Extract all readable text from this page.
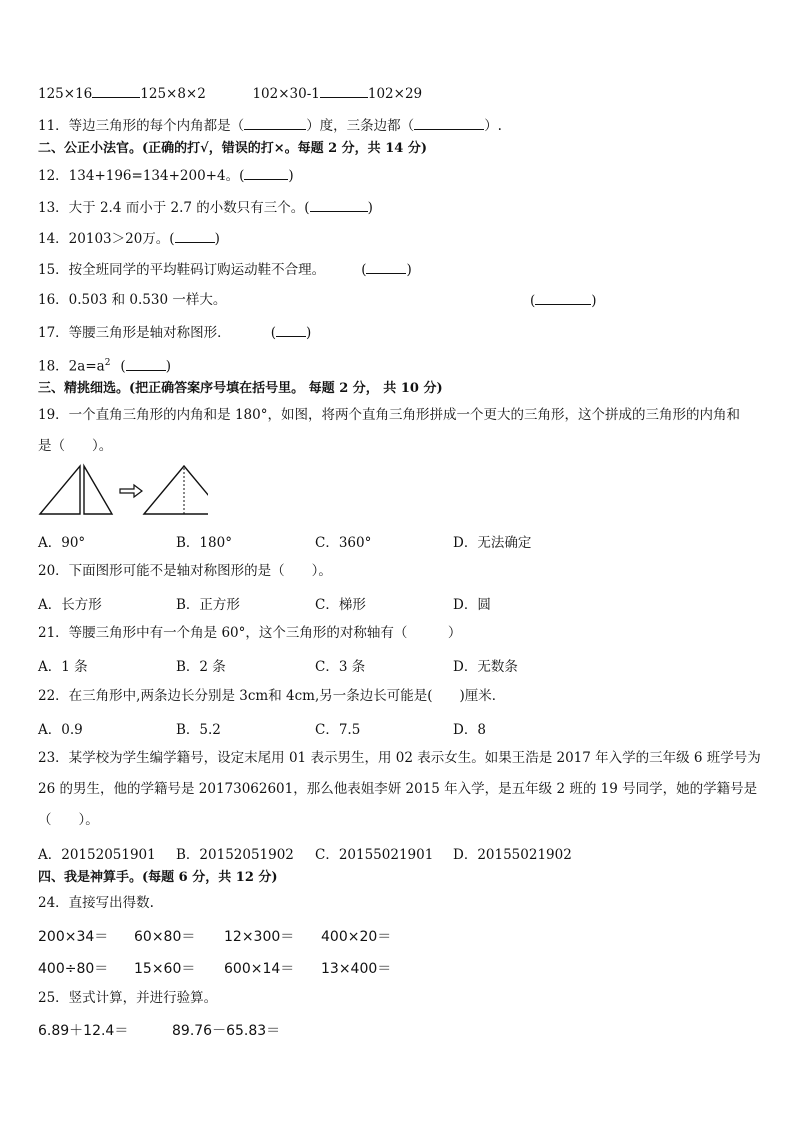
125×16	125×8×2	102×30-1	102×29
11．等边三角形的每个内角都是（	）度，三条边都（	）.
二、公正小法官。(正确的打√，错误的打×。每题 2 分，共 14 分)
12．134+196=134+200+4。(	)
13．大于 2.4 而小于 2.7 的小数只有三个。(	)
14．20103＞20万。(	)
15．按全班同学的平均鞋码订购运动鞋不合理。	(	)
16．0.503 和 0.530 一样大。	(	)
17．等腰三角形是轴对称图形．	( )
18．$2a=a^2$ (	)
三、精挑细选。(把正确答案序号填在括号里。 每题 2 分， 共 10 分)
19．一个直角三角形的内角和是 180°，如图，将两个直角三角形拼成一个更大的三角形，这个拼成的三角形的内角和
是（　　）。
A．90°	B．180°	C．360°	D．无法确定
20．下面图形可能不是轴对称图形的是（　　）。
A．长方形	B．正方形	C．梯形	D．圆
21．等腰三角形中有一个角是 60°，这个三角形的对称轴有（　　　）
A．1 条	B．2 条	C．3 条	D．无数条
22．在三角形中,两条边长分别是 3cm和 4cm,另一条边长可能是(　　)厘米．
A．0.9	B．5.2	C．7.5	D．8
23．某学校为学生编学籍号，设定末尾用 01 表示男生，用 02 表示女生。如果王浩是 2017 年入学的三年级 6 班学号为
26 的男生，他的学籍号是 20173062601，那么他表姐李妍 2015 年入学，是五年级 2 班的 19 号同学，她的学籍号是
（　　）。
A．20152051901 B．20152051902 C．20155021901 D．20155021902
四、我是神算手。(每题 6 分，共 12 分)
24．直接写出得数.
200×34＝ 60×80＝ 12×300＝ 400×20＝
400÷80＝ 15×60＝ 600×14＝ 13×400＝
25．竖式计算，并进行验算。
6.89＋12.4＝	89.76－65.83＝
